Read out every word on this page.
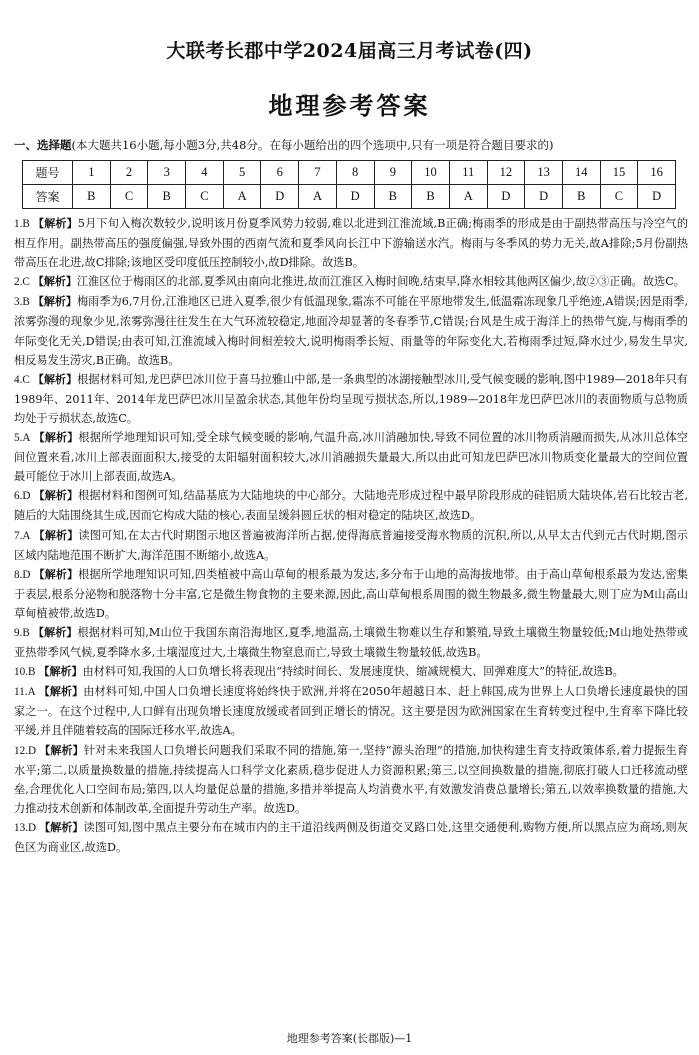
大联考长郡中学2024届高三月考试卷(四)
地理参考答案
一、选择题(本大题共16小题,每小题3分,共48分。在每小题给出的四个选项中,只有一项是符合题目要求的)
题号	1	2	3	4	5	6	7	8	9	10	11	12	13	14	15	16
答案	B	C	B	C	A	D	A	D	B	B	A	D	D	B	C	D

1.B 【解析】5月下旬入梅次数较少,说明该月份夏季风势力较弱,难以北进到江淮流域,B正确;梅雨季的形成是由于副热带高压与冷空气的相互作用。副热带高压的强度偏强,导致外围的西南气流和夏季风向长江中下游输送水汽。梅雨与冬季风的势力无关,故A排除;5月份副热带高压在北进,故C排除;该地区受印度低压控制较小,故D排除。故选B。

2.C 【解析】江淮区位于梅雨区的北部,夏季风由南向北推进,故而江淮区入梅时间晚,结束早,降水相较其他两区偏少,故②③正确。故选C。

3.B 【解析】梅雨季为6,7月份,江淮地区已进入夏季,很少有低温现象,霜冻不可能在平原地带发生,低温霜冻现象几乎绝迹,A错误;因是雨季,浓雾弥漫的现象少见,浓雾弥漫往往发生在大气环流较稳定,地面冷却显著的冬春季节,C错误;台风是生成于海洋上的热带气旋,与梅雨季的年际变化无关,D错误;由表可知,江淮流域入梅时间相差较大,说明梅雨季长短、雨量等的年际变化大,若梅雨季过短,降水过少,易发生旱灾,相反易发生涝灾,B正确。故选B。

4.C 【解析】根据材料可知,龙巴萨巴冰川位于喜马拉雅山中部,是一条典型的冰湖接触型冰川,受气候变暖的影响,图中1989—2018年只有1989年、2011年、2014年龙巴萨巴冰川呈盈余状态,其他年份均呈现亏损状态,所以,1989—2018年龙巴萨巴冰川的表面物质与总物质均处于亏损状态,故选C。

5.A 【解析】根据所学地理知识可知,受全球气候变暖的影响,气温升高,冰川消融加快,导致不同位置的冰川物质消融而损失,从冰川总体空间位置来看,冰川上部表面面积大,接受的太阳辐射面积较大,冰川消融损失量最大,所以由此可知龙巴萨巴冰川物质变化量最大的空间位置最可能位于冰川上部表面,故选A。

6.D 【解析】根据材料和图例可知,结晶基底为大陆地块的中心部分。大陆地壳形成过程中最早阶段形成的硅铝质大陆块体,岩石比较古老,随后的大陆围绕其生成,因而它构成大陆的核心,表面呈缓斜圆丘状的相对稳定的陆块区,故选D。

7.A 【解析】读图可知,在太古代时期图示地区普遍被海洋所占据,使得海底普遍接受海水物质的沉积,所以,从早太古代到元古代时期,图示区域内陆地范围不断扩大,海洋范围不断缩小,故选A。

8.D 【解析】根据所学地理知识可知,四类植被中高山草甸的根系最为发达,多分布于山地的高海拔地带。由于高山草甸根系最为发达,密集于表层,根系分泌物和脱落物十分丰富,它是微生物食物的主要来源,因此,高山草甸根系周围的微生物最多,微生物量最大,则丁应为M山高山草甸植被带,故选D。

9.B 【解析】根据材料可知,M山位于我国东南沿海地区,夏季,地温高,土壤微生物难以生存和繁殖,导致土壤微生物量较低;M山地处热带或亚热带季风气候,夏季降水多,土壤湿度过大,土壤微生物窒息而亡,导致土壤微生物量较低,故选B。

10.B 【解析】由材料可知,我国的人口负增长将表现出“持续时间长、发展速度快、缩减规模大、回弹难度大”的特征,故选B。

11.A 【解析】由材料可知,中国人口负增长速度将始终快于欧洲,并将在2050年超越日本、赶上韩国,成为世界上人口负增长速度最快的国家之一。在这个过程中,人口鲜有出现负增长速度放缓或者回到正增长的情况。这主要是因为欧洲国家在生育转变过程中,生育率下降比较平缓,并且伴随着较高的国际迁移水平,故选A。

12.D 【解析】针对未来我国人口负增长问题我们采取不同的措施,第一,坚持“源头治理”的措施,加快构建生育支持政策体系,着力提振生育水平;第二,以质量换数量的措施,持续提高人口科学文化素质,稳步促进人力资源积累;第三,以空间换数量的措施,彻底打破人口迁移流动壁垒,合理优化人口空间布局;第四,以人均量促总量的措施,多措并举提高人均消费水平,有效激发消费总量增长;第五,以效率换数量的措施,大力推动技术创新和体制改革,全面提升劳动生产率。故选D。

13.D 【解析】读图可知,图中黑点主要分布在城市内的主干道沿线两侧及街道交叉路口处,这里交通便利,购物方便,所以黑点应为商场,则灰色区为商业区,故选D。

地理参考答案(长郡版)—1
